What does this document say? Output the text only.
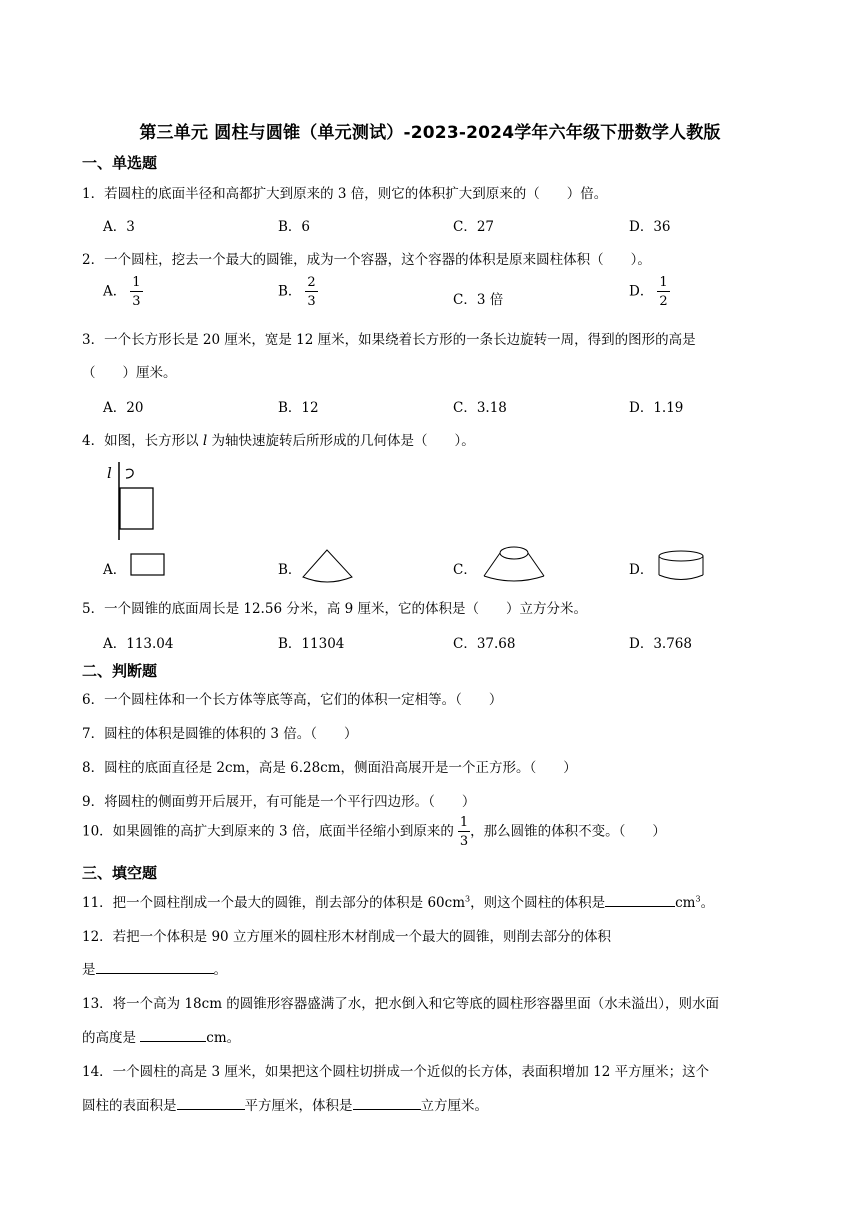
第三单元 圆柱与圆锥（单元测试）-2023-2024学年六年级下册数学人教版
一、单选题
1．若圆柱的底面半径和高都扩大到原来的 3 倍，则它的体积扩大到原来的（　　）倍。
A．3	B．6	C．27	D．36
2．一个圆柱，挖去一个最大的圆锥，成为一个容器，这个容器的体积是原来圆柱体积（　　）。
A． $\frac{1}{3}$	B． $\frac{2}{3}$	C．3 倍
D． $\frac{1}{2}$
3．一个长方形长是 20 厘米，宽是 12 厘米，如果绕着长方形的一条长边旋转一周，得到的图形的高是
（　　）厘米。
A．20	B．12	C．3.18	D．1.19
4．如图，长方形以 l 为轴快速旋转后所形成的几何体是（　　）。
l
A．	B．	C．	D．
5．一个圆锥的底面周长是 12.56 分米，高 9 厘米，它的体积是（　　）立方分米。
A．113.04	B．11304	C．37.68	D．3.768
二、判断题
6．一个圆柱体和一个长方体等底等高，它们的体积一定相等。（　　）
7．圆柱的体积是圆锥的体积的 3 倍。（　　）
8．圆柱的底面直径是 2cm，高是 6.28cm，侧面沿高展开是一个正方形。（　　）
9．将圆柱的侧面剪开后展开，有可能是一个平行四边形。（　　）
10．如果圆锥的高扩大到原来的 3 倍，底面半径缩小到原来的 $\frac{1}{3}$ ，那么圆锥的体积不变。（　　）
三、填空题
11．把一个圆柱削成一个最大的圆锥，削去部分的体积是 $60cm^3$，则这个圆柱的体积是	$cm^3$。
12．若把一个体积是 90 立方厘米的圆柱形木材削成一个最大的圆锥，则削去部分的体积
是	。
13．将一个高为 18cm 的圆锥形容器盛满了水，把水倒入和它等底的圆柱形容器里面（水未溢出），则水面
的高度是	cm。
14．一个圆柱的高是 3 厘米，如果把这个圆柱切拼成一个近似的长方体，表面积增加 12 平方厘米；这个
圆柱的表面积是	平方厘米，体积是	立方厘米。
